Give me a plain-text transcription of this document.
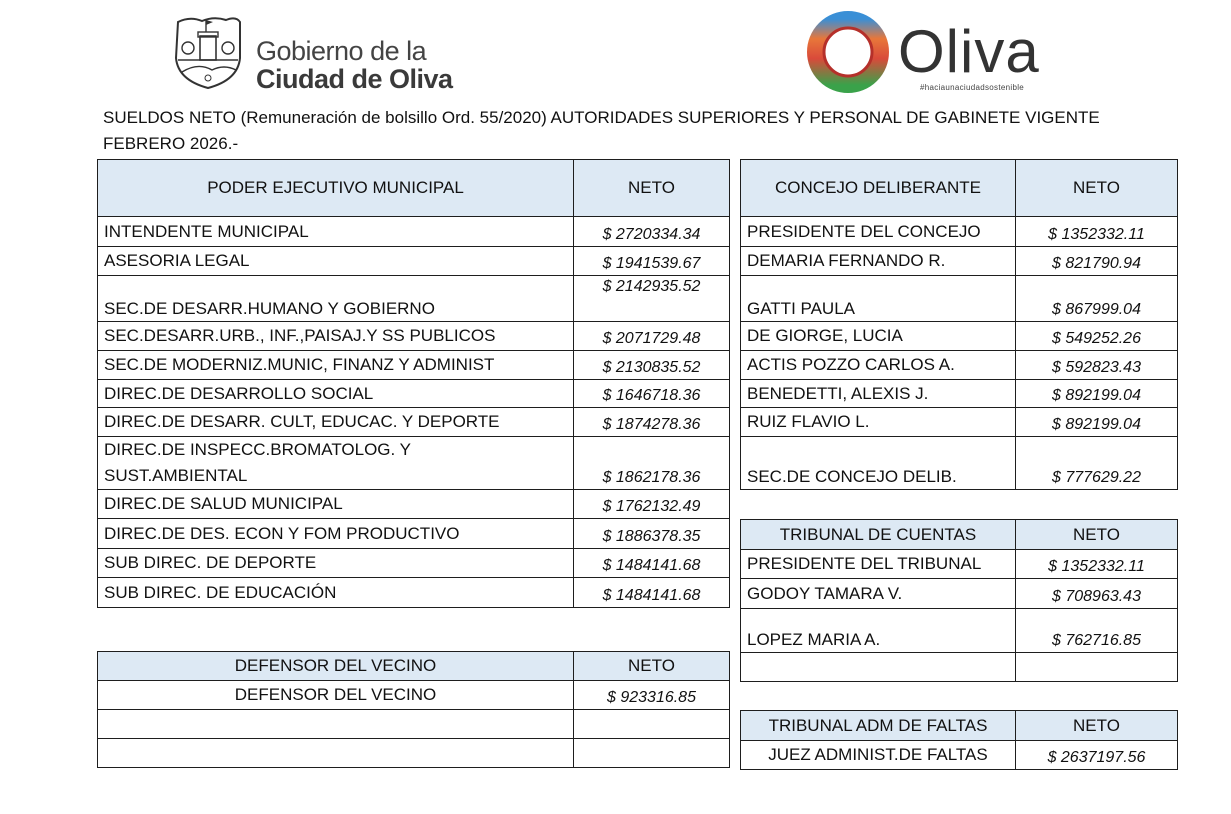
Gobierno de la
Ciudad de Oliva	Oliva
#haciaunaciudadsostenible
SUELDOS NETO (Remuneración de bolsillo Ord. 55/2020) AUTORIDADES SUPERIORES Y PERSONAL DE GABINETE VIGENTE
FEBRERO 2026.-
PODER EJECUTIVO MUNICIPAL	NETO
INTENDENTE MUNICIPAL	$ 2720334.34
ASESORIA LEGAL	$ 1941539.67
SEC.DE DESARR.HUMANO Y GOBIERNO	$ 2142935.52
SEC.DESARR.URB., INF.,PAISAJ.Y SS PUBLICOS	$ 2071729.48
SEC.DE MODERNIZ.MUNIC, FINANZ Y ADMINIST	$ 2130835.52
DIREC.DE DESARROLLO SOCIAL	$ 1646718.36
DIREC.DE DESARR. CULT, EDUCAC. Y DEPORTE	$ 1874278.36

DIREC.DE INSPECC.BROMATOLOG. Y
SUST.AMBIENTAL	$ 1862178.36
DIREC.DE SALUD MUNICIPAL	$ 1762132.49
DIREC.DE DES. ECON Y FOM PRODUCTIVO	$ 1886378.35
SUB DIREC. DE DEPORTE	$ 1484141.68
SUB DIREC. DE EDUCACIÓN	$ 1484141.68
DEFENSOR DEL VECINO	NETO
DEFENSOR DEL VECINO	$ 923316.85

CONCEJO DELIBERANTE	NETO
PRESIDENTE DEL CONCEJO	$ 1352332.11
DEMARIA FERNANDO R.	$ 821790.94
GATTI PAULA	$ 867999.04
DE GIORGE, LUCIA	$ 549252.26
ACTIS POZZO CARLOS A.	$ 592823.43
BENEDETTI, ALEXIS J.	$ 892199.04
RUIZ FLAVIO L.	$ 892199.04
SEC.DE CONCEJO DELIB.	$ 777629.22
TRIBUNAL DE CUENTAS	NETO
PRESIDENTE DEL TRIBUNAL	$ 1352332.11
GODOY TAMARA V.	$ 708963.43
LOPEZ MARIA A.	$ 762716.85

TRIBUNAL ADM DE FALTAS	NETO
JUEZ ADMINIST.DE FALTAS	$ 2637197.56
